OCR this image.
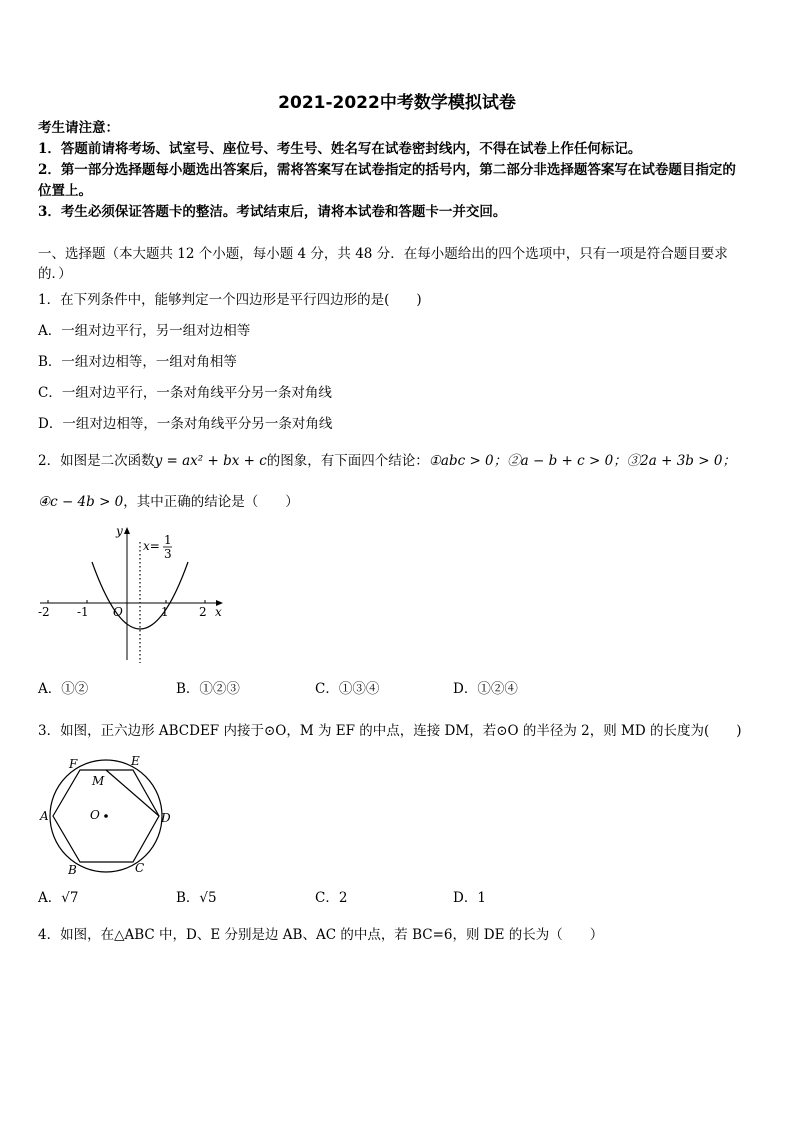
2021-2022中考数学模拟试卷
考生请注意：
1．答题前请将考场、试室号、座位号、考生号、姓名写在试卷密封线内，不得在试卷上作任何标记。
2．第一部分选择题每小题选出答案后，需将答案写在试卷指定的括号内，第二部分非选择题答案写在试卷题目指定的
位置上。
3．考生必须保证答题卡的整洁。考试结束后，请将本试卷和答题卡一并交回。
一、选择题（本大题共 12 个小题，每小题 4 分，共 48 分．在每小题给出的四个选项中，只有一项是符合题目要求
的．）
1．在下列条件中，能够判定一个四边形是平行四边形的是(　　)
A．一组对边平行，另一组对边相等
B．一组对边相等，一组对角相等
C．一组对边平行，一条对角线平分另一条对角线
D．一组对边相等，一条对角线平分另一条对角线
2．如图是二次函数y = ax² + bx + c的图象，有下面四个结论：①abc > 0；②a − b + c > 0；③2a + 3b > 0；
④c − 4b > 0，其中正确的结论是（　　）
y
x
x= 1
3
O
-2 -1	1	2
A．①②	B．①②③	C．①③④	D．①②④
3．如图，正六边形 ABCDEF 内接于⊙O，M 为 EF 的中点，连接 DM，若⊙O 的半径为 2，则 MD 的长度为(　　)
A
B	C
D
E
F
M
O
A．√7	B．√5	C．2	D．1
4．如图，在△ABC 中，D、E 分别是边 AB、AC 的中点，若 BC=6，则 DE 的长为（　　）
